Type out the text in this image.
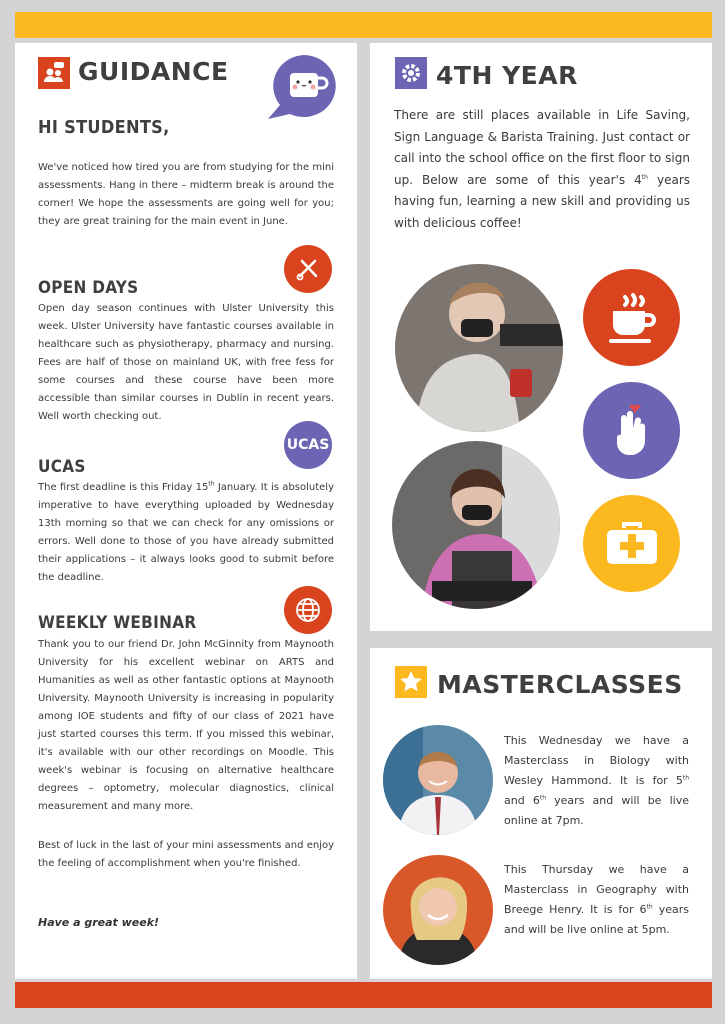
GUIDANCE
HI STUDENTS,
We've noticed how tired you are from studying for the mini assessments. Hang in there – midterm break is around the corner! We hope the assessments are going well for you; they are great training for the main event in June.
OPEN DAYS
Open day season continues with Ulster University this week. Ulster University have fantastic courses available in healthcare such as physiotherapy, pharmacy and nursing. Fees are half of those on mainland UK, with free fess for some courses and these course have been more accessible than similar courses in Dublin in recent years. Well worth checking out.
UCAS
UCAS
The first deadline is this Friday 15th January. It is absolutely imperative to have everything uploaded by Wednesday 13th morning so that we can check for any omissions or errors. Well done to those of you have already submitted their applications – it always looks good to submit before the deadline.
WEEKLY WEBINAR
Thank you to our friend Dr. John McGinnity from Maynooth University for his excellent webinar on ARTS and Humanities as well as other fantastic options at Maynooth University. Maynooth University is increasing in popularity among IOE students and fifty of our class of 2021 have just started courses this term. If you missed this webinar, it's available with our other recordings on Moodle. This week's webinar is focusing on alternative healthcare degrees – optometry, molecular diagnostics, clinical measurement and many more.
Best of luck in the last of your mini assessments and enjoy the feeling of accomplishment when you're finished.
Have a great week!
4TH YEAR
There are still places available in Life Saving, Sign Language & Barista Training. Just contact or call into the school office on the first floor to sign up. Below are some of this year's 4th years having fun, learning a new skill and providing us with delicious coffee!
MASTERCLASSES
This Wednesday we have a Masterclass in Biology with Wesley Hammond. It is for 5th and 6th years and will be live online at 7pm.
This Thursday we have a Masterclass in Geography with Breege Henry. It is for 6th years and will be live online at 5pm.
